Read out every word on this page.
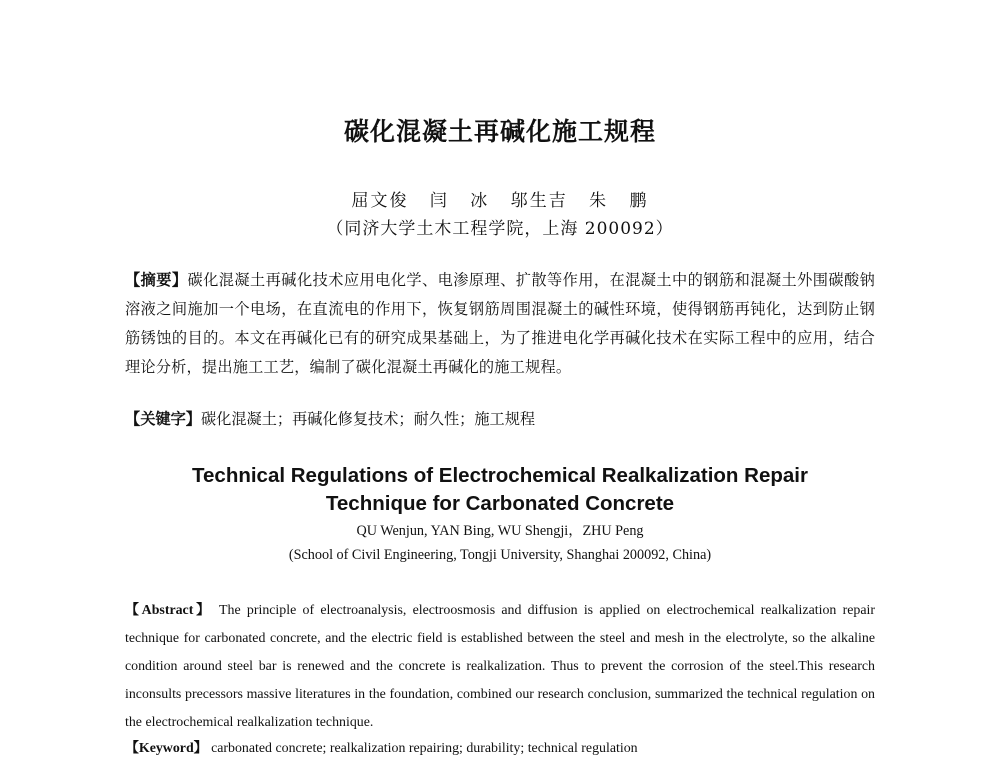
碳化混凝土再碱化施工规程
屈文俊 闫 冰 邬生吉 朱 鹏
（同济大学土木工程学院，上海 200092）
【摘要】碳化混凝土再碱化技术应用电化学、电渗原理、扩散等作用，在混凝土中的钢筋和混凝土外围碳酸钠溶液之间施加一个电场，在直流电的作用下，恢复钢筋周围混凝土的碱性环境，使得钢筋再钝化，达到防止钢筋锈蚀的目的。本文在再碱化已有的研究成果基础上，为了推进电化学再碱化技术在实际工程中的应用，结合理论分析，提出施工工艺，编制了碳化混凝土再碱化的施工规程。
【关键字】碳化混凝土；再碱化修复技术；耐久性；施工规程
Technical Regulations of Electrochemical Realkalization Repair
Technique for Carbonated Concrete
QU Wenjun, YAN Bing, WU Shengji，ZHU Peng
(School of Civil Engineering, Tongji University, Shanghai 200092, China)
【Abstract】 The principle of electroanalysis, electroosmosis and diffusion is applied on electrochemical realkalization repair technique for carbonated concrete, and the electric field is established between the steel and mesh in the electrolyte, so the alkaline condition around steel bar is renewed and the concrete is realkalization. Thus to prevent the corrosion of the steel.This research inconsults precessors massive literatures in the foundation, combined our research conclusion, summarized the technical regulation on the electrochemical realkalization technique.
【Keyword】 carbonated concrete; realkalization repairing; durability; technical regulation
